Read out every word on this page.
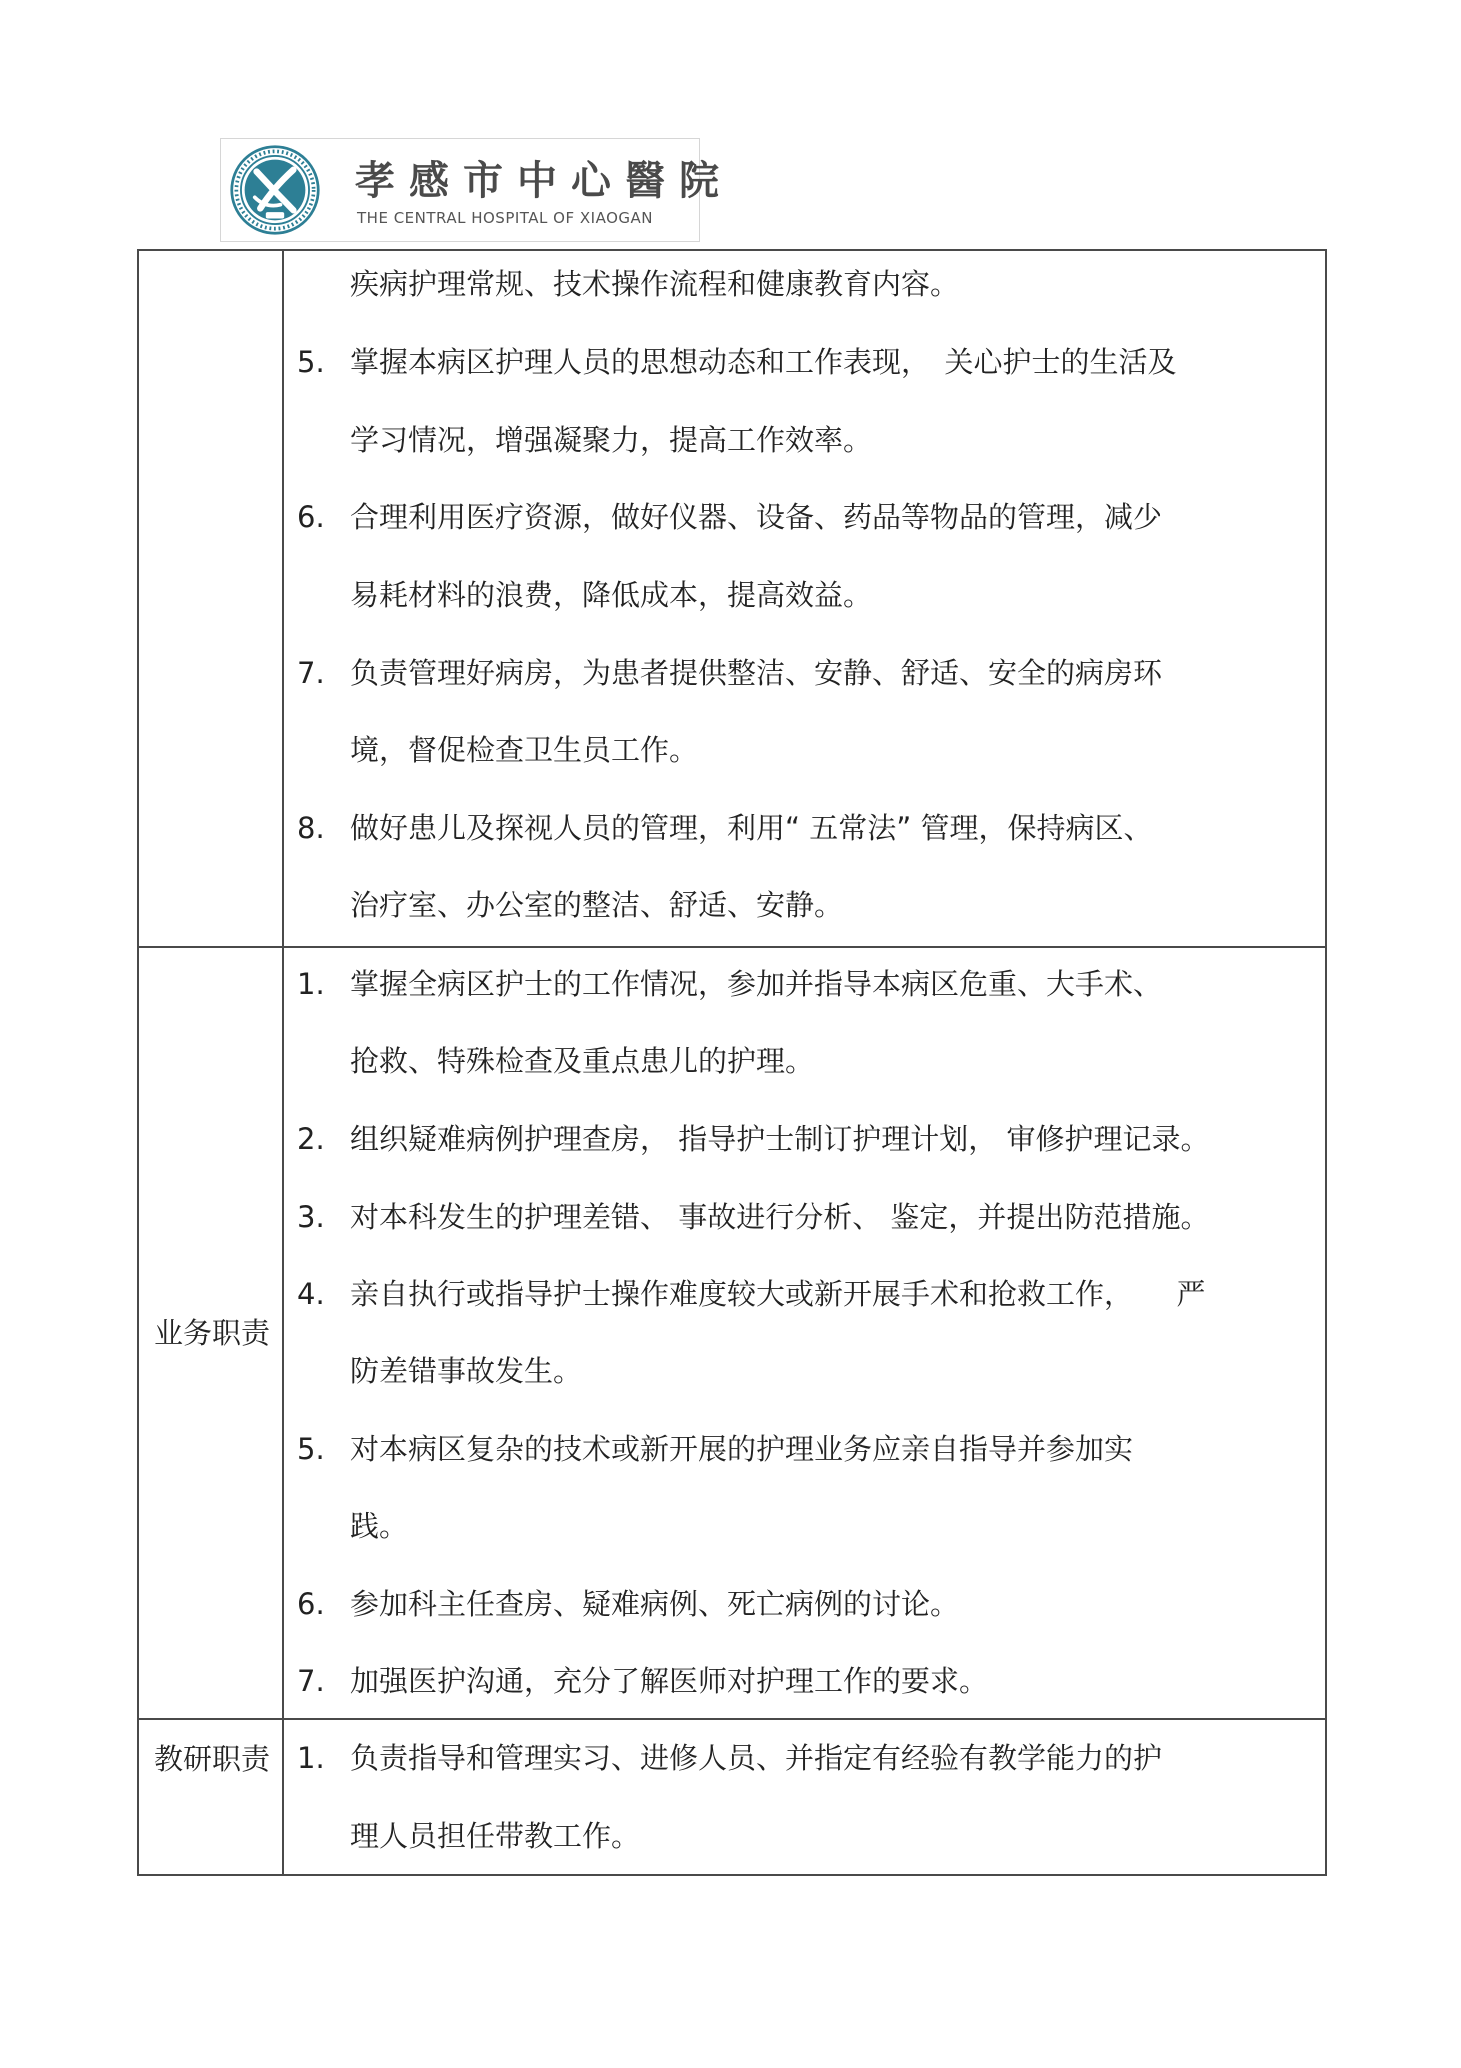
孝感市中心醫院
THE CENTRAL HOSPITAL OF XIAOGAN
疾病护理常规、技术操作流程和健康教育内容。
5. 掌握本病区护理人员的思想动态和工作表现，　关心护士的生活及
学习情况，增强凝聚力，提高工作效率。
6. 合理利用医疗资源，做好仪器、设备、药品等物品的管理，减少
易耗材料的浪费，降低成本，提高效益。
7. 负责管理好病房，为患者提供整洁、安静、舒适、安全的病房环
境，督促检查卫生员工作。
8. 做好患儿及探视人员的管理，利用“ 五常法” 管理，保持病区、
治疗室、办公室的整洁、舒适、安静。
业务职责
1. 掌握全病区护士的工作情况，参加并指导本病区危重、大手术、
抢救、特殊检查及重点患儿的护理。
2. 组织疑难病例护理查房， 指导护士制订护理计划， 审修护理记录。
3. 对本科发生的护理差错、 事故进行分析、 鉴定，并提出防范措施。
4. 亲自执行或指导护士操作难度较大或新开展手术和抢救工作，　　严
防差错事故发生。
5. 对本病区复杂的技术或新开展的护理业务应亲自指导并参加实
践。
6. 参加科主任查房、疑难病例、死亡病例的讨论。
7. 加强医护沟通，充分了解医师对护理工作的要求。
教研职责 1. 负责指导和管理实习、进修人员、并指定有经验有教学能力的护
理人员担任带教工作。
